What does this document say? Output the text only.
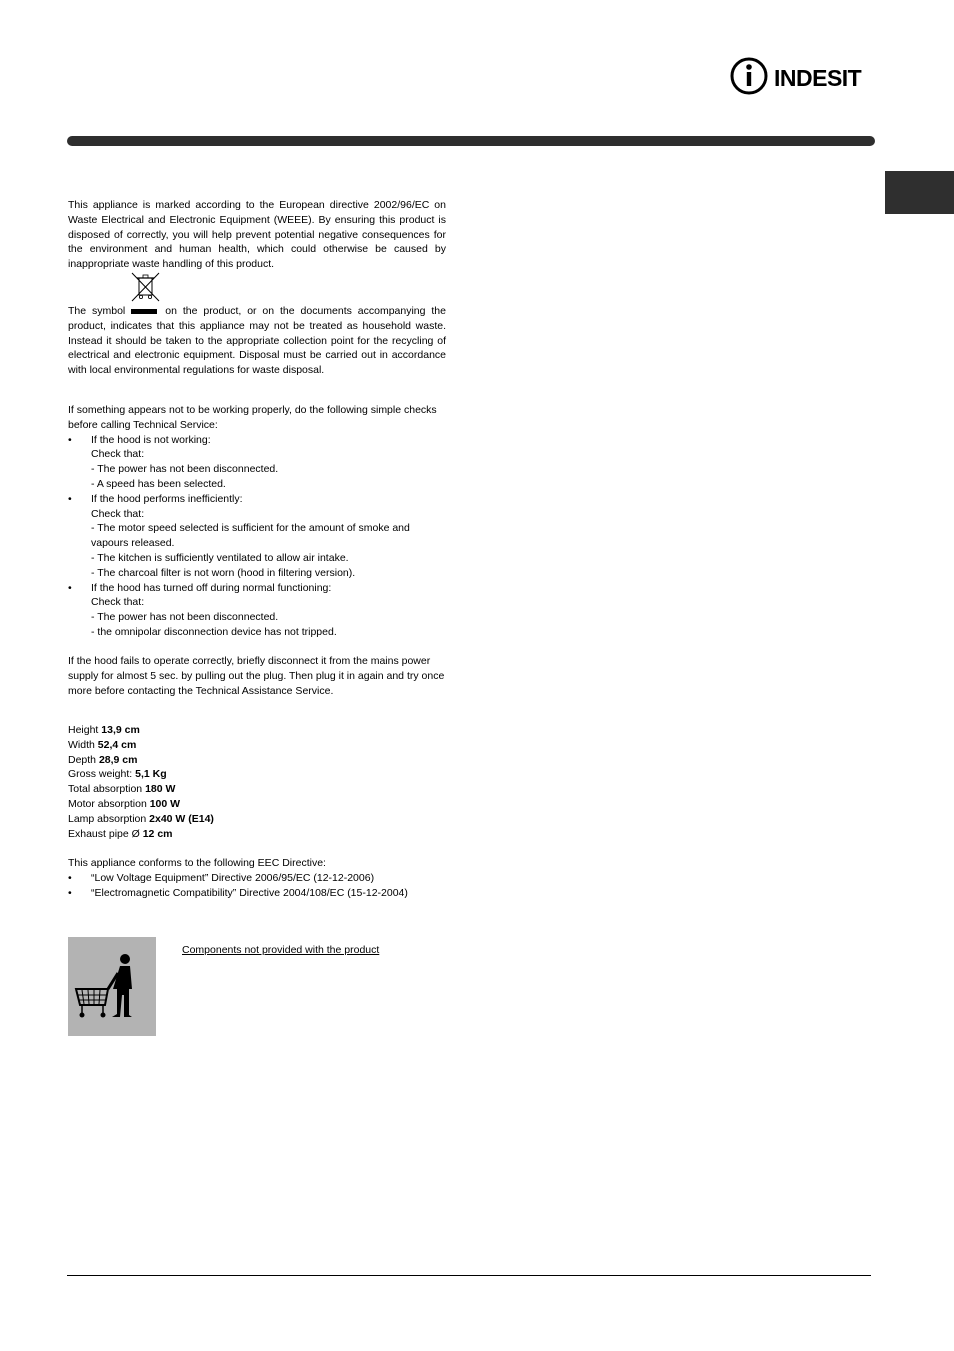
INDESIT

This appliance is marked according to the European directive 2002/96/EC on Waste Electrical and Electronic Equipment (WEEE). By ensuring this product is disposed of correctly, you will help prevent potential negative consequences for the environment and human health, which could otherwise be caused by inappropriate waste handling of this product.

The symbol	on the product, or on the documents accompanying the product, indicates that this appliance may not be treated as household waste. Instead it should be taken to the appropriate collection point for the recycling of electrical and electronic equipment. Disposal must be carried out in accordance with local environmental regulations for waste disposal.

If something appears not to be working properly, do the following simple checks before calling Technical Service:

• If the hood is not working:
Check that:
- The power has not been disconnected.
- A speed has been selected.
• If the hood performs inefficiently:
Check that:
- The motor speed selected is sufficient for the amount of smoke and vapours released.
- The kitchen is sufficiently ventilated to allow air intake.
- The charcoal filter is not worn (hood in filtering version).
• If the hood has turned off during normal functioning:
Check that:
- The power has not been disconnected.
- the omnipolar disconnection device has not tripped.

If the hood fails to operate correctly, briefly disconnect it from the mains power supply for almost 5 sec. by pulling out the plug. Then plug it in again and try once more before contacting the Technical Assistance Service.

Height 13,9 cm
Width 52,4 cm
Depth 28,9 cm
Gross weight: 5,1 Kg
Total absorption 180 W
Motor absorption 100 W
Lamp absorption 2x40 W (E14)
Exhaust pipe Ø 12 cm

This appliance conforms to the following EEC Directive:

• “Low Voltage Equipment” Directive 2006/95/EC (12-12-2006)
• “Electromagnetic Compatibility” Directive 2004/108/EC (15-12-2004)
Components not provided with the product
